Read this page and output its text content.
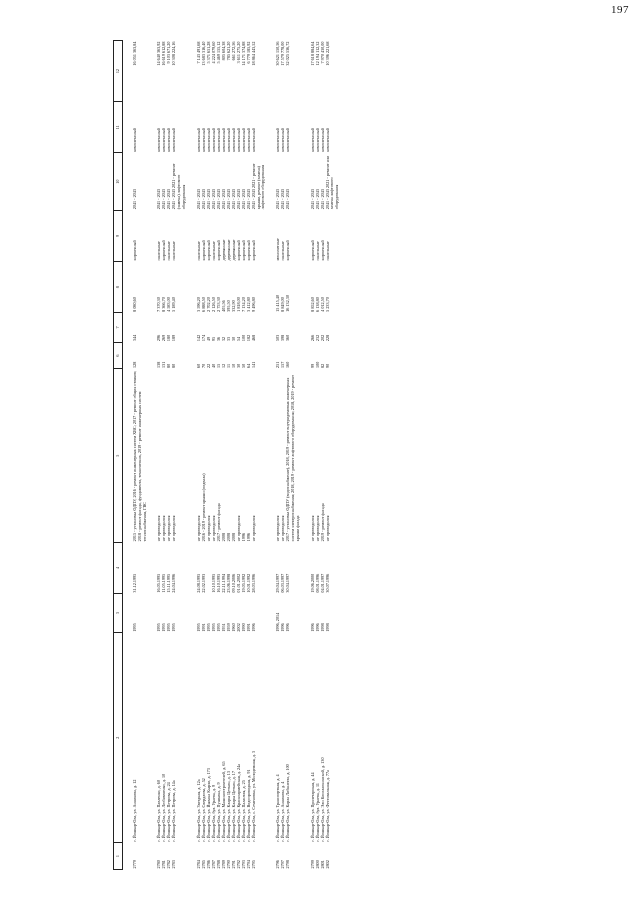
197
1	2	3	4	5	6	7	8	9	10	11	12

2779	г. Йошкар-Ола, ул. Анникова, д. 12	1995	31.12.1995	2015 - установка ОДПУ, 2016 - ремонт инженерных систем ХВС; 2017 - ремонт общих стояков; 2018 - ремонт фасада, фундамента, технических, 2019 - ремонт инженерных систем теплоснабжения, ГВС	128	344	8 080,60	кирпичный	2041 - 2043	комплексный	16 051 363,84

2780	г. Йошкар-Ола, ул. Павленко, д. 60	1995	16.05.1995	не проводился	138	296	7 370,30	панельные	2041 - 2043	комплексный	14 640 363,92
2781	г. Йошкар-Ола, ул. Любимченко, д. 10	1995	11.05.1995	не проводился	131	269	8 366,70	кирпичный	2041 - 2043	комплексный	16 619 612,88
2782	г. Йошкар-Ола, ул. Петрова, д. 24	1995	15.11.1995	не проводился	80	180	4 583,00	панельные	2041 - 2043	комплексный	9 103 671,20
2783	г. Йошкар-Ола, ул. Петрова, д. 14а	1995	24.04.1996	не проводился	80	189	5 189,40	панельные	2041 - 2043 2021 - ремонт (замена) лифтового оборудования	комплексный	10 308 224,16

2784	г. Йошкар-Ола, ул. Звездная, д. 12а	1995	24.08.1995	не проводился	60	142	3 596,20	панельные	2041 - 2043	комплексный	7 143 491,68
2785	г. Йошкар-Ола, ул. Свердлова, д. 52	1991	22.02.1993	2016 - 2019 - ремонт крыши (подвала)	70	174	6 888,50	кирпичный	2041 - 2043	комплексный	13 683 316,40
2786	г. Йошкар-Ола, ул. Йывана Кырли, д. 173	1995		не проводился	22	49	2 702,20	кирпичный	2041 - 2043	комплексный	5 371 651,28
2787	г. Йошкар-Ола, бул. Ураева, д. 9	1995	10.10.1995	не проводился	40	95	2 126,50	панельные	2041 - 2043	комплексный	4 224 079,60
2788	г. Йошкар-Ола, ул. Пушкина, д. 9	1995	16.10.1995	2017 - ремонт фасада	15	36	2 753,30	кирпичный	2041 - 2043	комплексный	5 469 155,12
2789	г. Йошкар-Ола, ул. Машиностроителей, д. 65	1951	22.11.1994	2008	12	32	405,56	деревянные	2041 - 2043	комплексный	805 604,38
2790	г. Йошкар-Ола, ул. Клары Цеткин, д. 13	1959	23.06.1998	2008	11	33	395,50	деревянные	2041 - 2043	комплексный	785 621,20
2791	г. Йошкар-Ола, ул. Клары Цеткин, д. 17	1960	09.10.2006	2008	10	30	332,90	деревянные	2041 - 2043	комплексный	661 272,56
2792	г. Йошкар-Ола, ул. Красноармейская, д. 24а	2002	01.01.2002	не проводился	30	54	1 818,00	кирпичный	2041 - 2043	комплексный	3 611 275,20
2793	г. Йошкар-Ола, ул. Палантая, д. 25	1990	19.05.1992	1996	50	100	7 134,20	кирпичный	2041 - 2043	комплексный	14 171 374,88
2794	г. Йошкар-Ола, ул. Водопроводная, д. 91	1991	10.01.1992	1996	64	182	3 412,80	кирпичный	2041 - 2043	комплексный	6 779 185,92
2795	г. Йошкар-Ола, с. Семеновка, ул. Молодежная, д. 3	1996	28.03.1996	не проводился	141	468	9 496,80	кирпичный	2041 - 2043 2021 - ремонт крыши, ремонт (замена) лифтового оборудования	комплексный	18 864 443,52

2796	г. Йошкар-Ола, ул. Транспортная, д. 4	1996, 2014	29.04.1997	не проводился	251	503	15 415,40	монолитные	2041 - 2043	комплексный	30 621 150,56
2797	г. Йошкар-Ола, ул. Анникова, д. 4	1996	06.03.1997	не проводился	157	398	8 849,00	панельные	2041 - 2043	комплексный	17 579 778,00
2798	г. Йошкар-Ола, ул. Карла Либкнехта, д. 100	1996	30.04.1997	2017 - установка ОДПУ (водоснабжение), 2018, 2019 - ремонт внутридомовых инженерных систем электроснабжения; 2018, 2019 - ремонт лифтового оборудования; 2018, 2019 - ремонт крыши фасада	160	360	16 132,30	кирпичный	2041 - 2043	комплексный	32 025 536,72

2799	г. Йошкар-Ола, ул. Пролетарская, д. 44	1996	19.06.2000	не проводился	99	266	8 852,60	кирпичный	2041 - 2043	комплексный	17 618 884,64
2800	г. Йошкар-Ола, бул. Ураева, д. 11	1996	08.01.1996	не проводился	100	232	6 138,80	панельные	2041 - 2043	комплексный	12 194 112,32
2801	г. Йошкар-Ола, ул. Эли Косолапкинской, д. 130	1998	04.01.1997	2019 - ремонт фасада	82	202	4 012,50	кирпичный	2041 - 2043	комплексный	7 970 430,00
2802	г. Йошкар-Ола, ул. Фестивальная, д. 77а	1998	30.07.1996	не проводился	90	228	5 233,70	панельные	2041 - 2043 2021 - ремонт или замена лифтового оборудования	комплексный	10 396 221,68
